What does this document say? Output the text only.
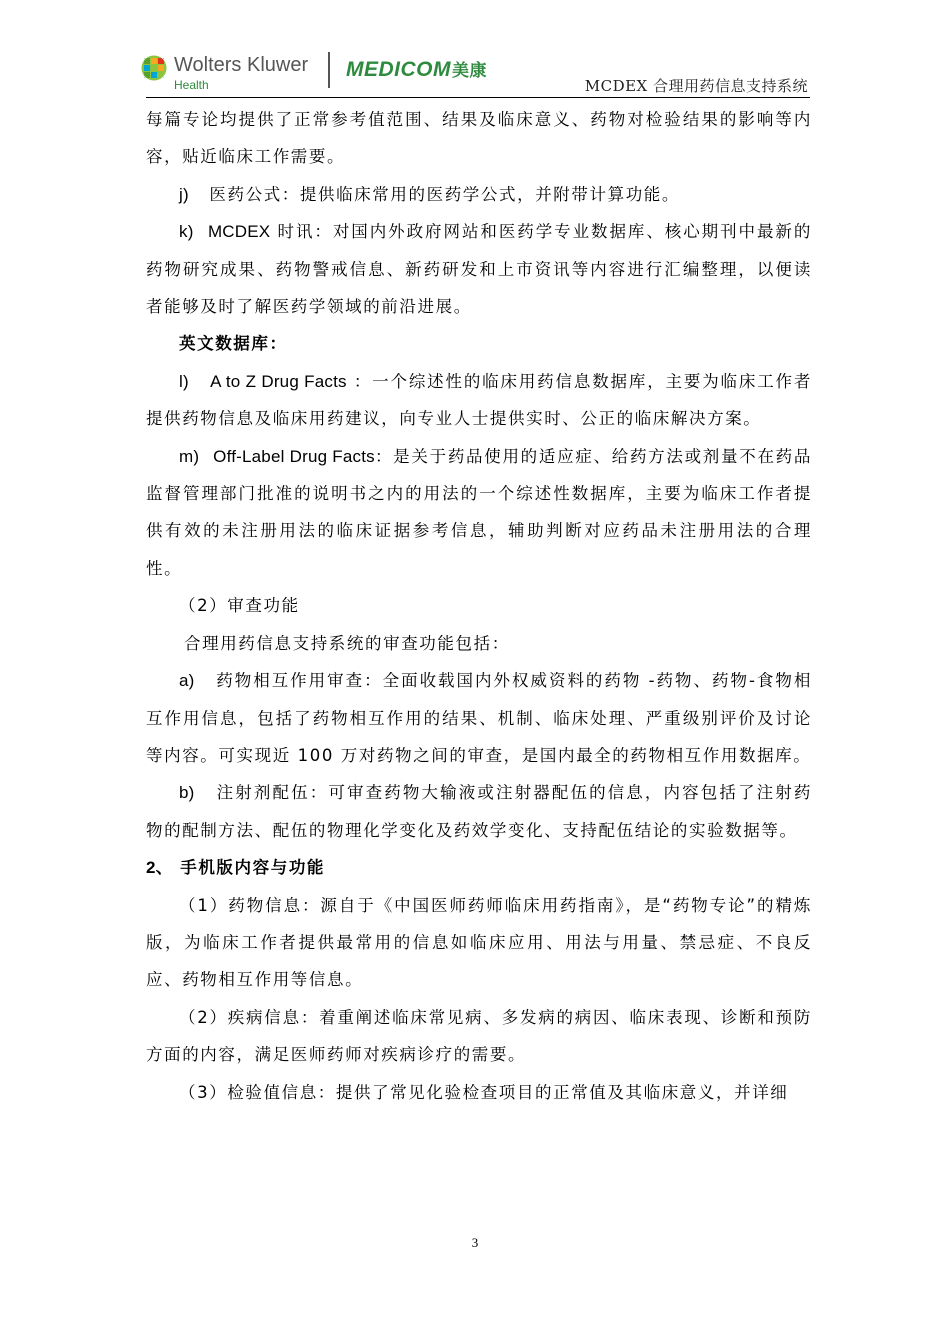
Wolters Kluwer
Health
MEDICOM美康
MCDEX 合理用药信息支持系统

每篇专论均提供了正常参考值范围、结果及临床意义、药物对检验结果的影响等内容，贴近临床工作需要。

j) 医药公式：提供临床常用的医药学公式，并附带计算功能。

k) MCDEX 时讯：对国内外政府网站和医药学专业数据库、核心期刊中最新的药物研究成果、药物警戒信息、新药研发和上市资讯等内容进行汇编整理，以便读者能够及时了解医药学领域的前沿进展。

英文数据库：

l) A to Z Drug Facts ：一个综述性的临床用药信息数据库，主要为临床工作者提供药物信息及临床用药建议，向专业人士提供实时、公正的临床解决方案。

m) Off-Label Drug Facts：是关于药品使用的适应症、给药方法或剂量不在药品监督管理部门批准的说明书之内的用法的一个综述性数据库，主要为临床工作者提供有效的未注册用法的临床证据参考信息，辅助判断对应药品未注册用法的合理性。

（2）审查功能

合理用药信息支持系统的审查功能包括：

a) 药物相互作用审查：全面收载国内外权威资料的药物 -药物、药物-食物相互作用信息，包括了药物相互作用的结果、机制、临床处理、严重级别评价及讨论等内容。可实现近 100 万对药物之间的审查，是国内最全的药物相互作用数据库。

b) 注射剂配伍：可审查药物大输液或注射器配伍的信息，内容包括了注射药物的配制方法、配伍的物理化学变化及药效学变化、支持配伍结论的实验数据等。

2、 手机版内容与功能

（1）药物信息：源自于《中国医师药师临床用药指南》，是“药物专论”的精炼版，为临床工作者提供最常用的信息如临床应用、用法与用量、禁忌症、不良反应、药物相互作用等信息。

（2）疾病信息：着重阐述临床常见病、多发病的病因、临床表现、诊断和预防方面的内容，满足医师药师对疾病诊疗的需要。

（3）检验值信息：提供了常见化验检查项目的正常值及其临床意义，并详细

3
